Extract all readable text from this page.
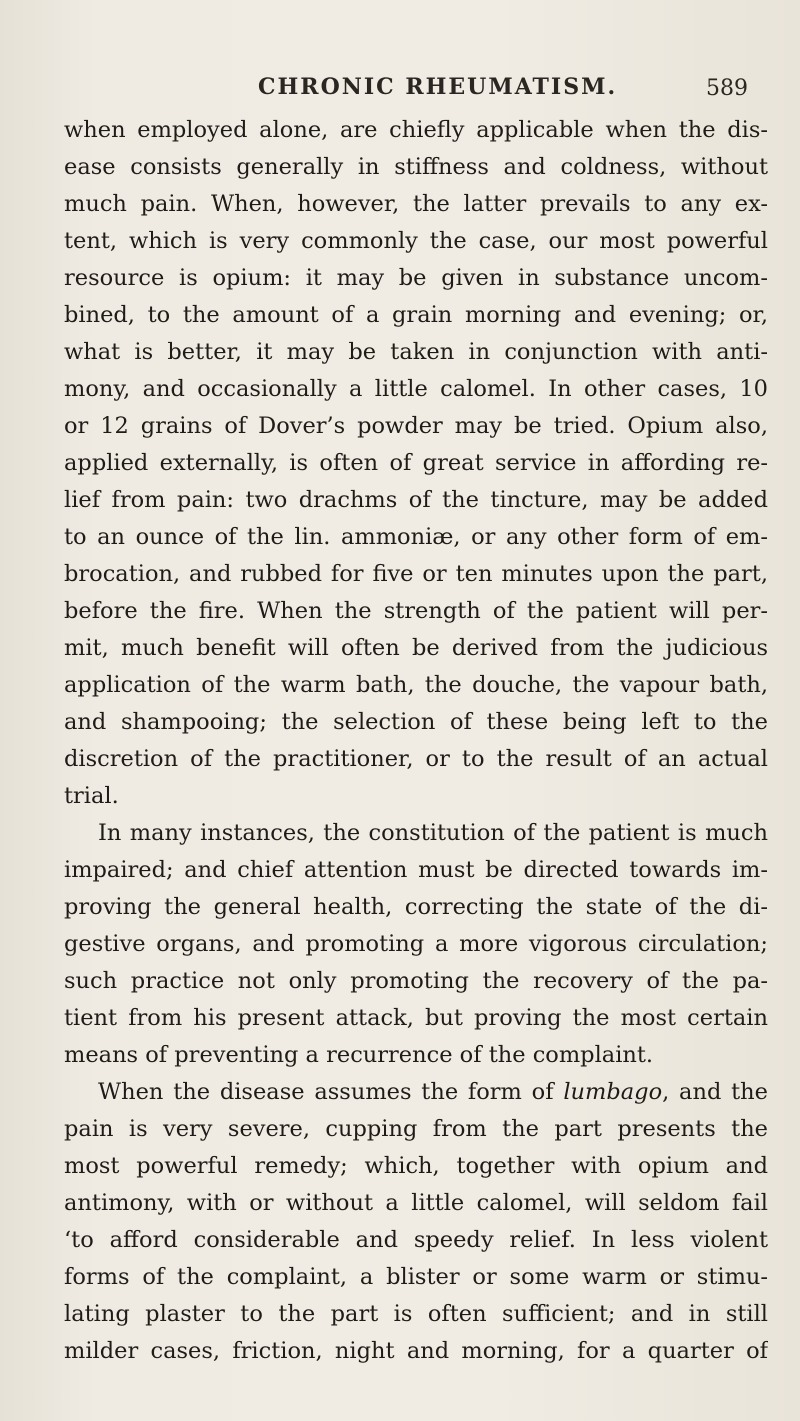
CHRONIC RHEUMATISM.	589
when employed alone, are chiefly applicable when the dis-
ease consists generally in stiffness and coldness, without
much pain. When, however, the latter prevails to any ex-
tent, which is very commonly the case, our most powerful
resource is opium: it may be given in substance uncom-
bined, to the amount of a grain morning and evening; or,
what is better, it may be taken in conjunction with anti-
mony, and occasionally a little calomel. In other cases, 10
or 12 grains of Dover’s powder may be tried. Opium also,
applied externally, is often of great service in affording re-
lief from pain: two drachms of the tincture, may be added
to an ounce of the lin. ammoniæ, or any other form of em-
brocation, and rubbed for five or ten minutes upon the part,
before the fire. When the strength of the patient will per-
mit, much benefit will often be derived from the judicious
application of the warm bath, the douche, the vapour bath,
and shampooing; the selection of these being left to the
discretion of the practitioner, or to the result of an actual
trial.
In many instances, the constitution of the patient is much
impaired; and chief attention must be directed towards im-
proving the general health, correcting the state of the di-
gestive organs, and promoting a more vigorous circulation;
such practice not only promoting the recovery of the pa-
tient from his present attack, but proving the most certain
means of preventing a recurrence of the complaint.
When the disease assumes the form of lumbago, and the
pain is very severe, cupping from the part presents the
most powerful remedy; which, together with opium and
antimony, with or without a little calomel, will seldom fail
‘to afford considerable and speedy relief. In less violent
forms of the complaint, a blister or some warm or stimu-
lating plaster to the part is often sufficient; and in still
milder cases, friction, night and morning, for a quarter of
